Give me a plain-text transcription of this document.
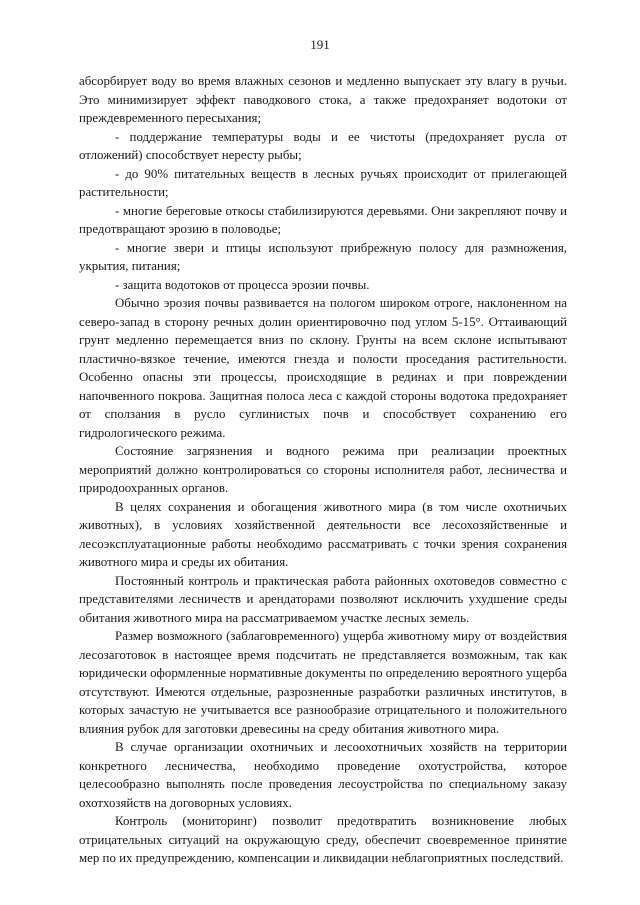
191

абсорбирует воду во время влажных сезонов и медленно выпускает эту влагу в ручьи. Это минимизирует эффект паводкового стока, а также предохраняет водотоки от преждевременного пересыхания;

- поддержание температуры воды и ее чистоты (предохраняет русла от отложений) способствует нересту рыбы;

- до 90% питательных веществ в лесных ручьях происходит от прилегающей растительности;

- многие береговые откосы стабилизируются деревьями. Они закрепляют почву и предотвращают эрозию в половодье;

- многие звери и птицы используют прибрежную полосу для размножения, укрытия, питания;

- защита водотоков от процесса эрозии почвы.

Обычно эрозия почвы развивается на пологом широком отроге, наклоненном на северо-запад в сторону речных долин ориентировочно под углом 5-15°. Оттаивающий грунт медленно перемещается вниз по склону. Грунты на всем склоне испытывают пластично-вязкое течение, имеются гнезда и полости проседания растительности. Особенно опасны эти процессы, происходящие в рединах и при повреждении напочвенного покрова. Защитная полоса леса с каждой стороны водотока предохраняет от сползания в русло суглинистых почв и способствует сохранению его гидрологического режима.

Состояние загрязнения и водного режима при реализации проектных мероприятий должно контролироваться со стороны исполнителя работ, лесничества и природоохранных органов.

В целях сохранения и обогащения животного мира (в том числе охотничьих животных), в условиях хозяйственной деятельности все лесохозяйственные и лесоэксплуатационные работы необходимо рассматривать с точки зрения сохранения животного мира и среды их обитания.

Постоянный контроль и практическая работа районных охотоведов совместно с представителями лесничеств и арендаторами позволяют исключить ухудшение среды обитания животного мира на рассматриваемом участке лесных земель.

Размер возможного (заблаговременного) ущерба животному миру от воздействия лесозаготовок в настоящее время подсчитать не представляется возможным, так как юридически оформленные нормативные документы по определению вероятного ущерба отсутствуют. Имеются отдельные, разрозненные разработки различных институтов, в которых зачастую не учитывается все разнообразие отрицательного и положительного влияния рубок для заготовки древесины на среду обитания животного мира.

В случае организации охотничьих и лесоохотничьих хозяйств на территории конкретного лесничества, необходимо проведение охотустройства, которое целесообразно выполнять после проведения лесоустройства по специальному заказу охотхозяйств на договорных условиях.

Контроль (мониторинг) позволит предотвратить возникновение любых отрицательных ситуаций на окружающую среду, обеспечит своевременное принятие мер по их предупреждению, компенсации и ликвидации неблагоприятных последствий.
